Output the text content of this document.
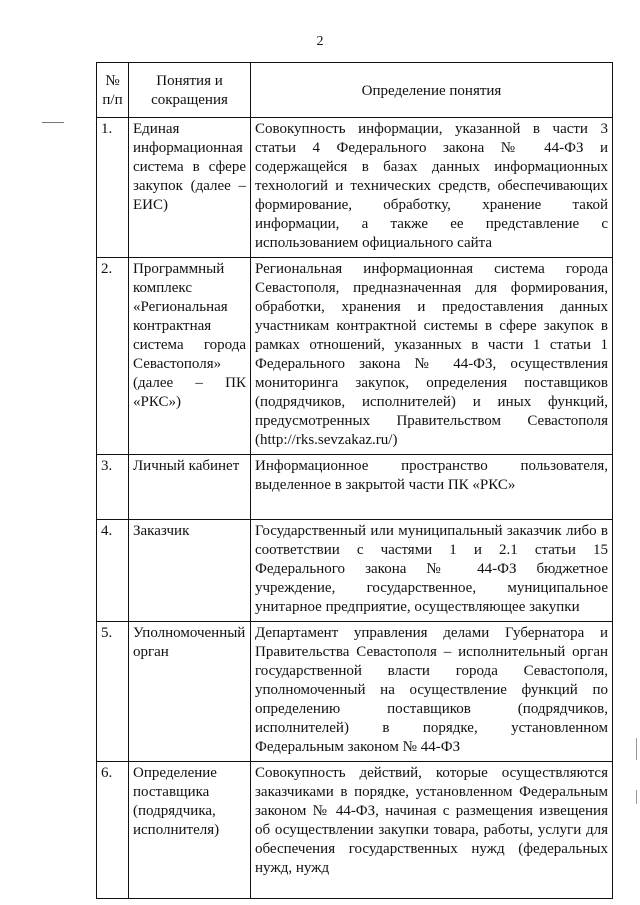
2
№ п/п	Понятия и сокращения	Определение понятия
1.	Единая информационная система в сфере закупок (далее – ЕИС)	Совокупность информации, указанной в части 3 статьи 4 Федерального закона № 44-ФЗ и содержащейся в базах данных информационных технологий и технических средств, обеспечивающих формирование, обработку, хранение такой информации, а также ее представление с использованием официального сайта
2.	Программный комплекс «Региональная контрактная система города Севастополя» (далее – ПК «РКС»)	Региональная информационная система города Севастополя, предназначенная для формирования, обработки, хранения и предоставления данных участникам контрактной системы в сфере закупок в рамках отношений, указанных в части 1 статьи 1 Федерального закона № 44-ФЗ, осуществления мониторинга закупок, определения поставщиков (подрядчиков, исполнителей) и иных функций, предусмотренных Правительством Севастополя (http://rks.sevzakaz.ru/)
3.	Личный кабинет	Информационное пространство пользователя, выделенное в закрытой части ПК «РКС»
4.	Заказчик	Государственный или муниципальный заказчик либо в соответствии с частями 1 и 2.1 статьи 15 Федерального закона № 44-ФЗ бюджетное учреждение, государственное, муниципальное унитарное предприятие, осуществляющее закупки
5.	Уполномоченный орган	Департамент управления делами Губернатора и Правительства Севастополя – исполнительный орган государственной власти города Севастополя, уполномоченный на осуществление функций по определению поставщиков (подрядчиков, исполнителей) в порядке, установленном Федеральным законом № 44-ФЗ
6.	Определение поставщика (подрядчика, исполнителя)	Совокупность действий, которые осуществляются заказчиками в порядке, установленном Федеральным законом № 44-ФЗ, начиная с размещения извещения об осуществлении закупки товара, работы, услуги для обеспечения государственных нужд (федеральных нужд, нужд
